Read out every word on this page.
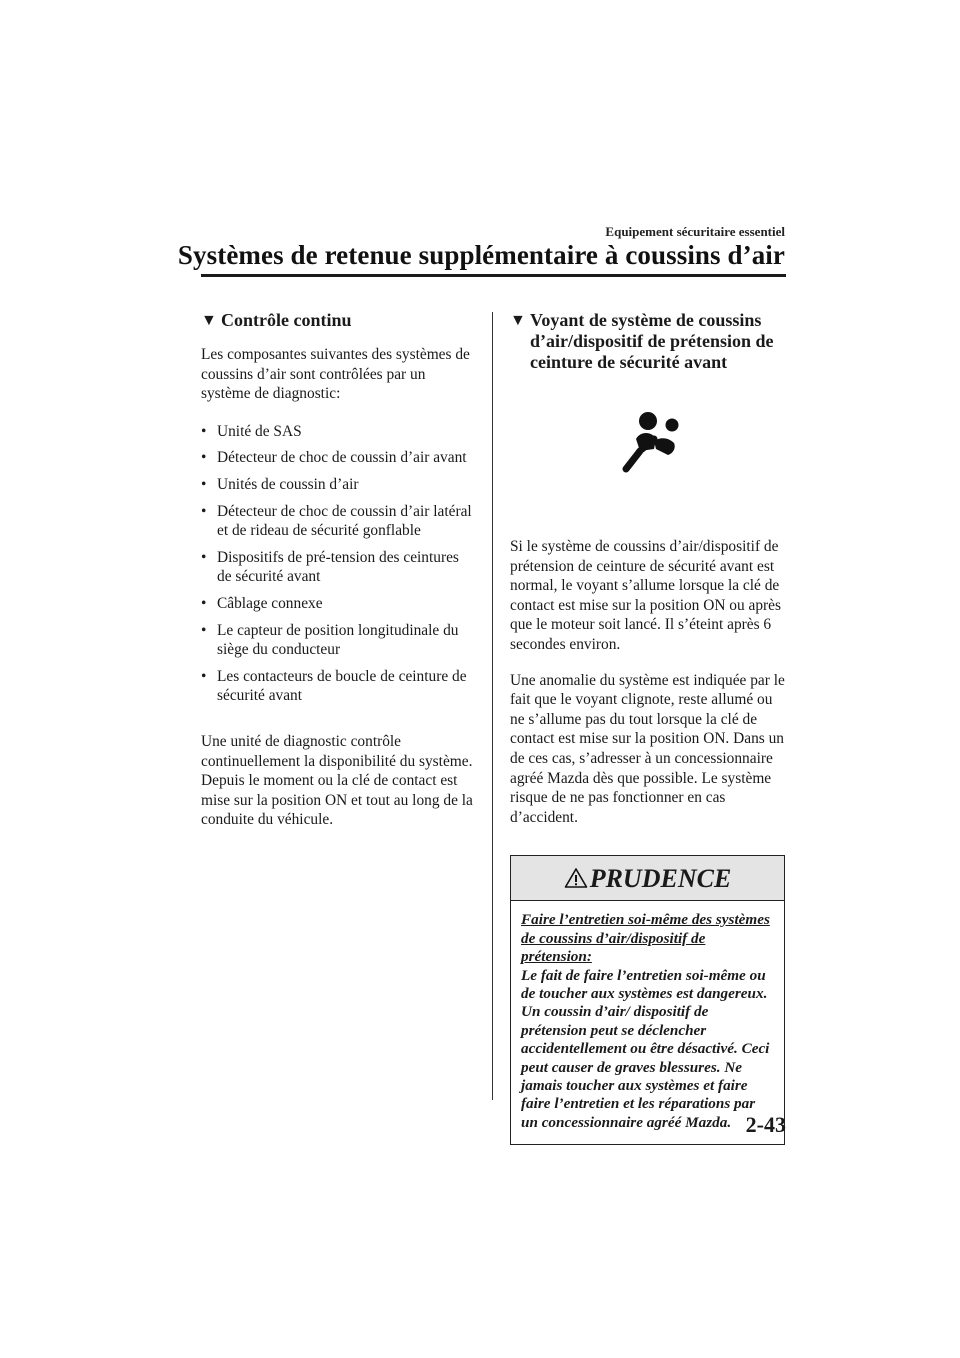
Equipement sécuritaire essentiel
Systèmes de retenue supplémentaire à coussins d’air
▼ Contrôle continu

Les composantes suivantes des systèmes de coussins d’air sont contrôlées par un système de diagnostic:

• Unité de SAS
• Détecteur de choc de coussin d’air avant
• Unités de coussin d’air
• Détecteur de choc de coussin d’air latéral et de rideau de sécurité gonflable
• Dispositifs de pré-tension des ceintures de sécurité avant
• Câblage connexe
• Le capteur de position longitudinale du siège du conducteur
• Les contacteurs de boucle de ceinture de sécurité avant

Une unité de diagnostic contrôle continuellement la disponibilité du système. Depuis le moment ou la clé de contact est mise sur la position ON et tout au long de la conduite du véhicule.

▼ Voyant de système de coussins d’air/dispositif de prétension de ceinture de sécurité avant

Si le système de coussins d’air/dispositif de prétension de ceinture de sécurité avant est normal, le voyant s’allume lorsque la clé de contact est mise sur la position ON ou après que le moteur soit lancé. Il s’éteint après 6 secondes environ.

Une anomalie du système est indiquée par le fait que le voyant clignote, reste allumé ou ne s’allume pas du tout lorsque la clé de contact est mise sur la position ON. Dans un de ces cas, s’adresser à un concessionnaire agréé Mazda dès que possible. Le système risque de ne pas fonctionner en cas d’accident.

PRUDENCE
Faire l’entretien soi-même des systèmes de coussins d’air/dispositif de prétension:
Le fait de faire l’entretien soi-même ou de toucher aux systèmes est dangereux. Un coussin d’air/ dispositif de prétension peut se déclencher accidentellement ou être désactivé. Ceci peut causer de graves blessures. Ne jamais toucher aux systèmes et faire faire l’entretien et les réparations par un concessionnaire agréé Mazda. 2-43
